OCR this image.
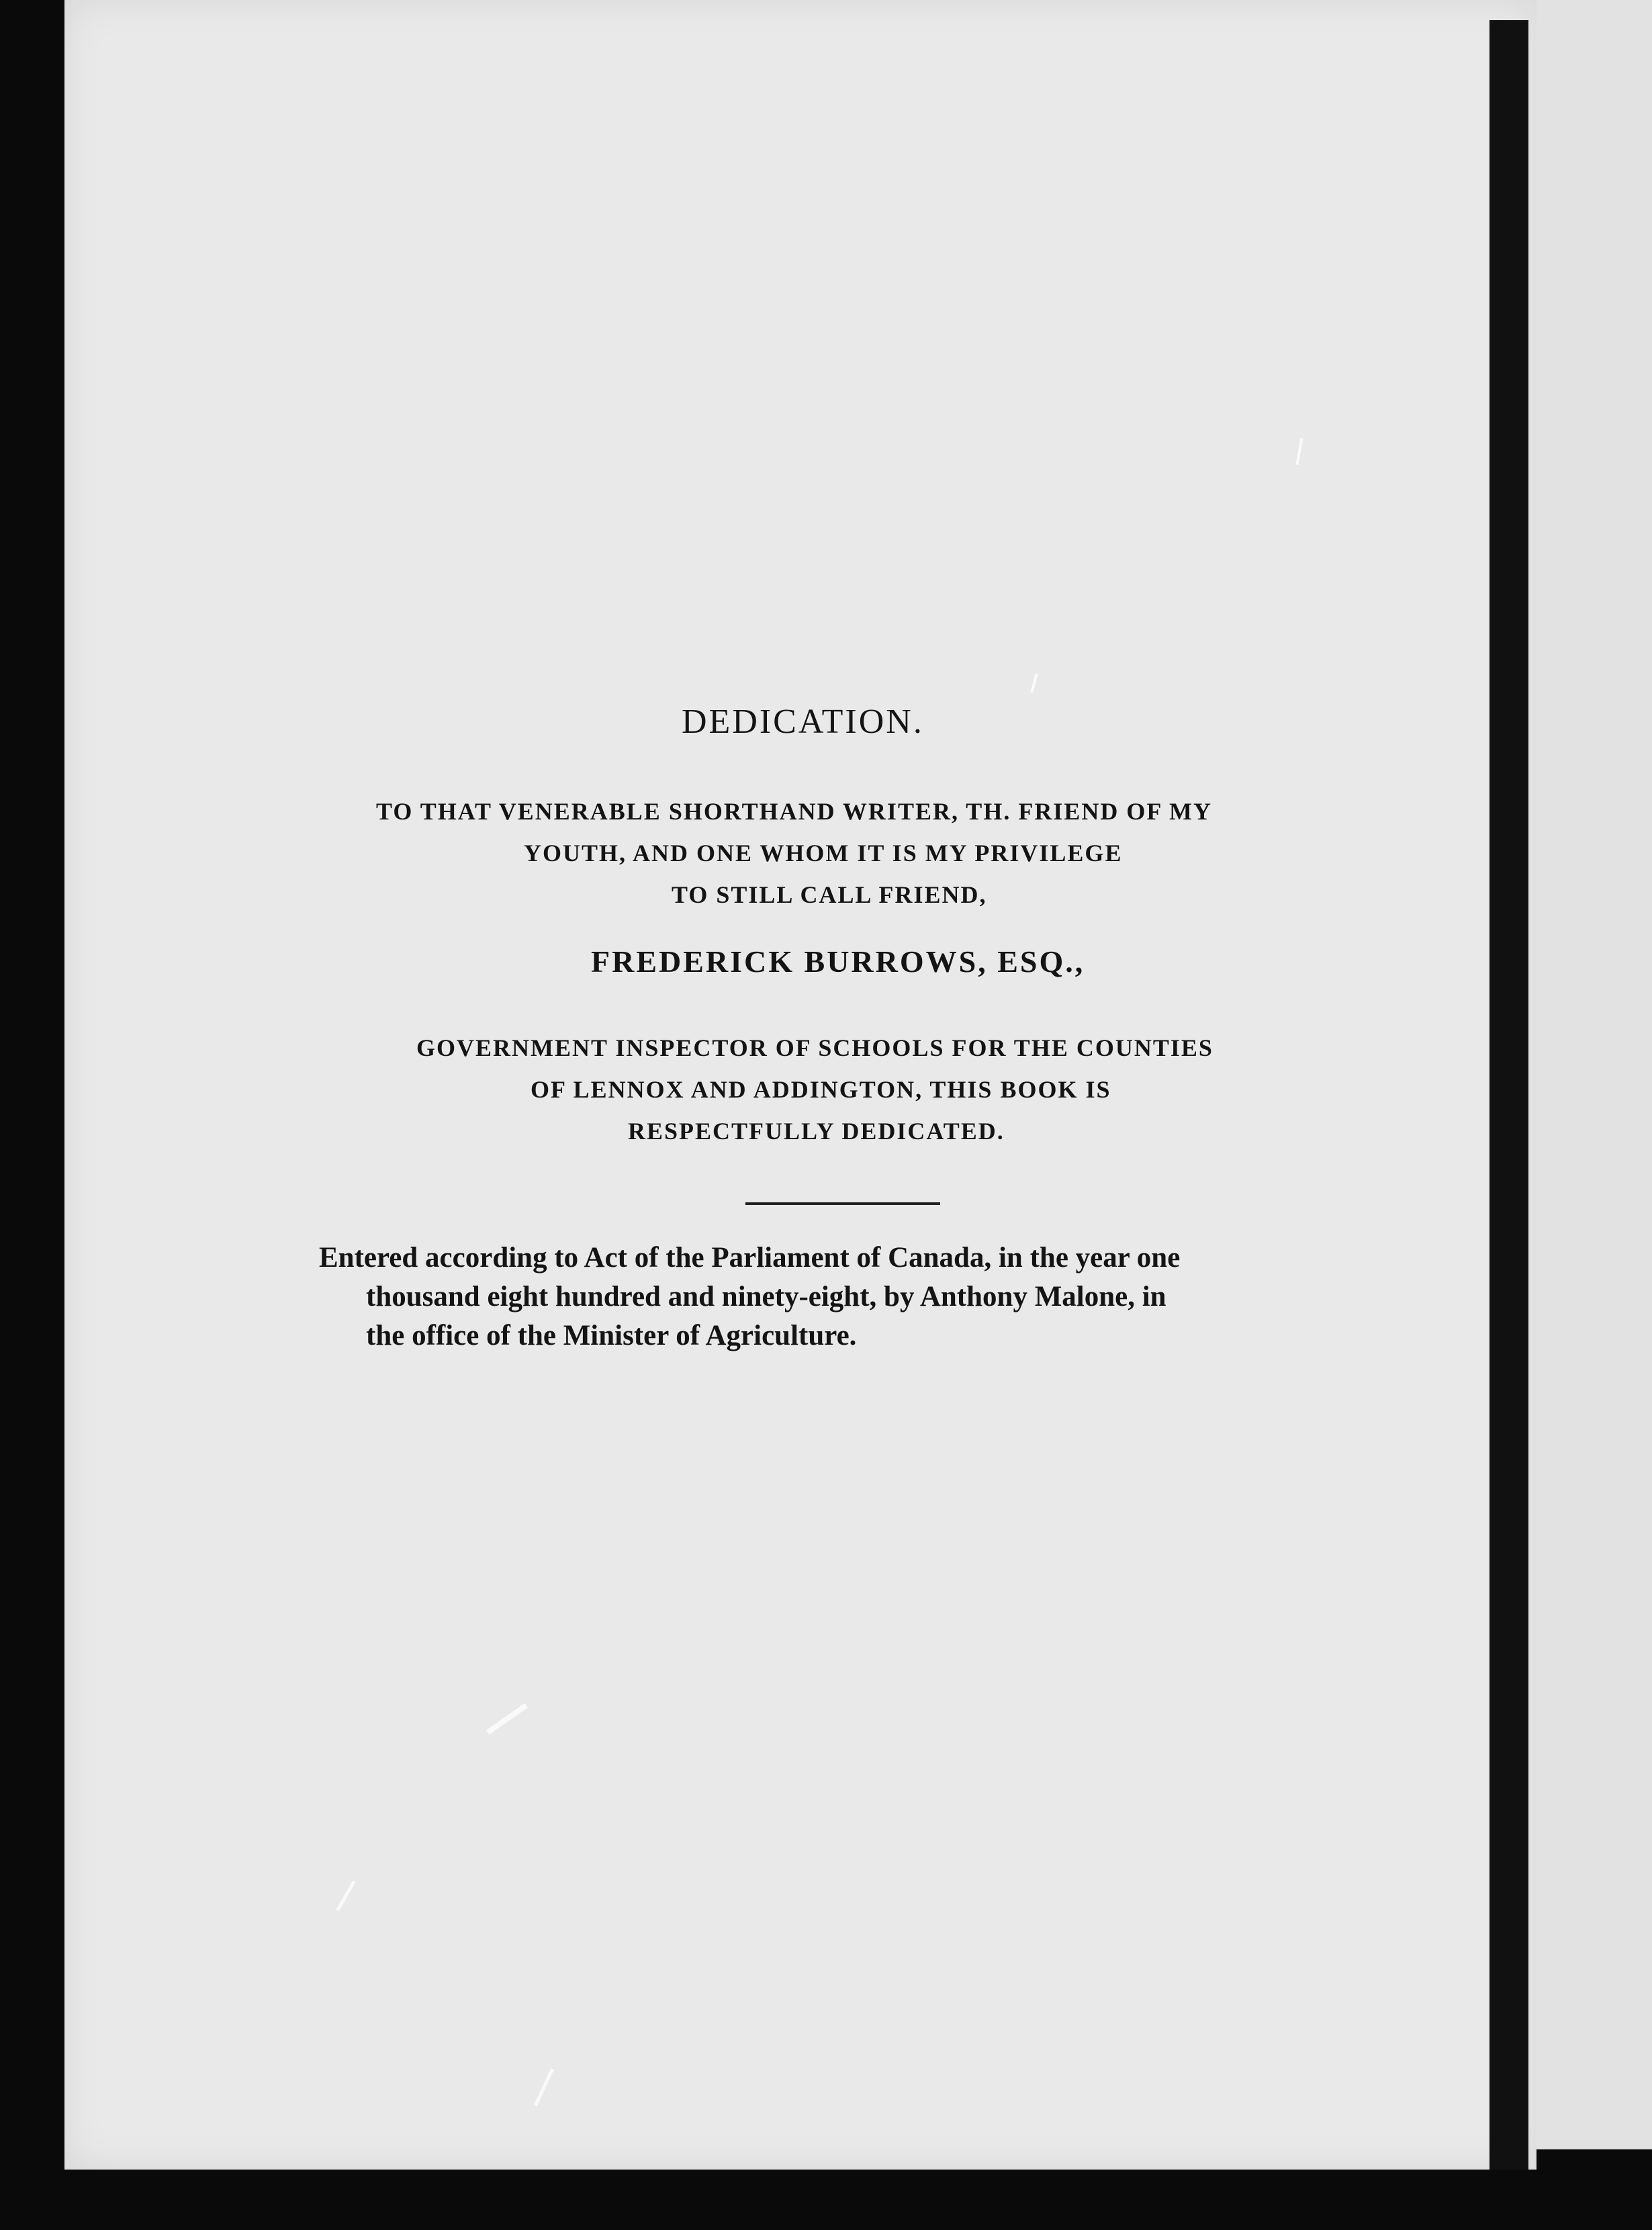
DEDICATION.
TO THAT VENERABLE SHORTHAND WRITER, TH. FRIEND OF MY
YOUTH, AND ONE WHOM IT IS MY PRIVILEGE
TO STILL CALL FRIEND,
FREDERICK BURROWS, ESQ.,
GOVERNMENT INSPECTOR OF SCHOOLS FOR THE COUNTIES
OF LENNOX AND ADDINGTON, THIS BOOK IS
RESPECTFULLY DEDICATED.
Entered according to Act of the Parliament of Canada, in the year one
thousand eight hundred and ninety-eight, by Anthony Malone, in
the office of the Minister of Agriculture.
